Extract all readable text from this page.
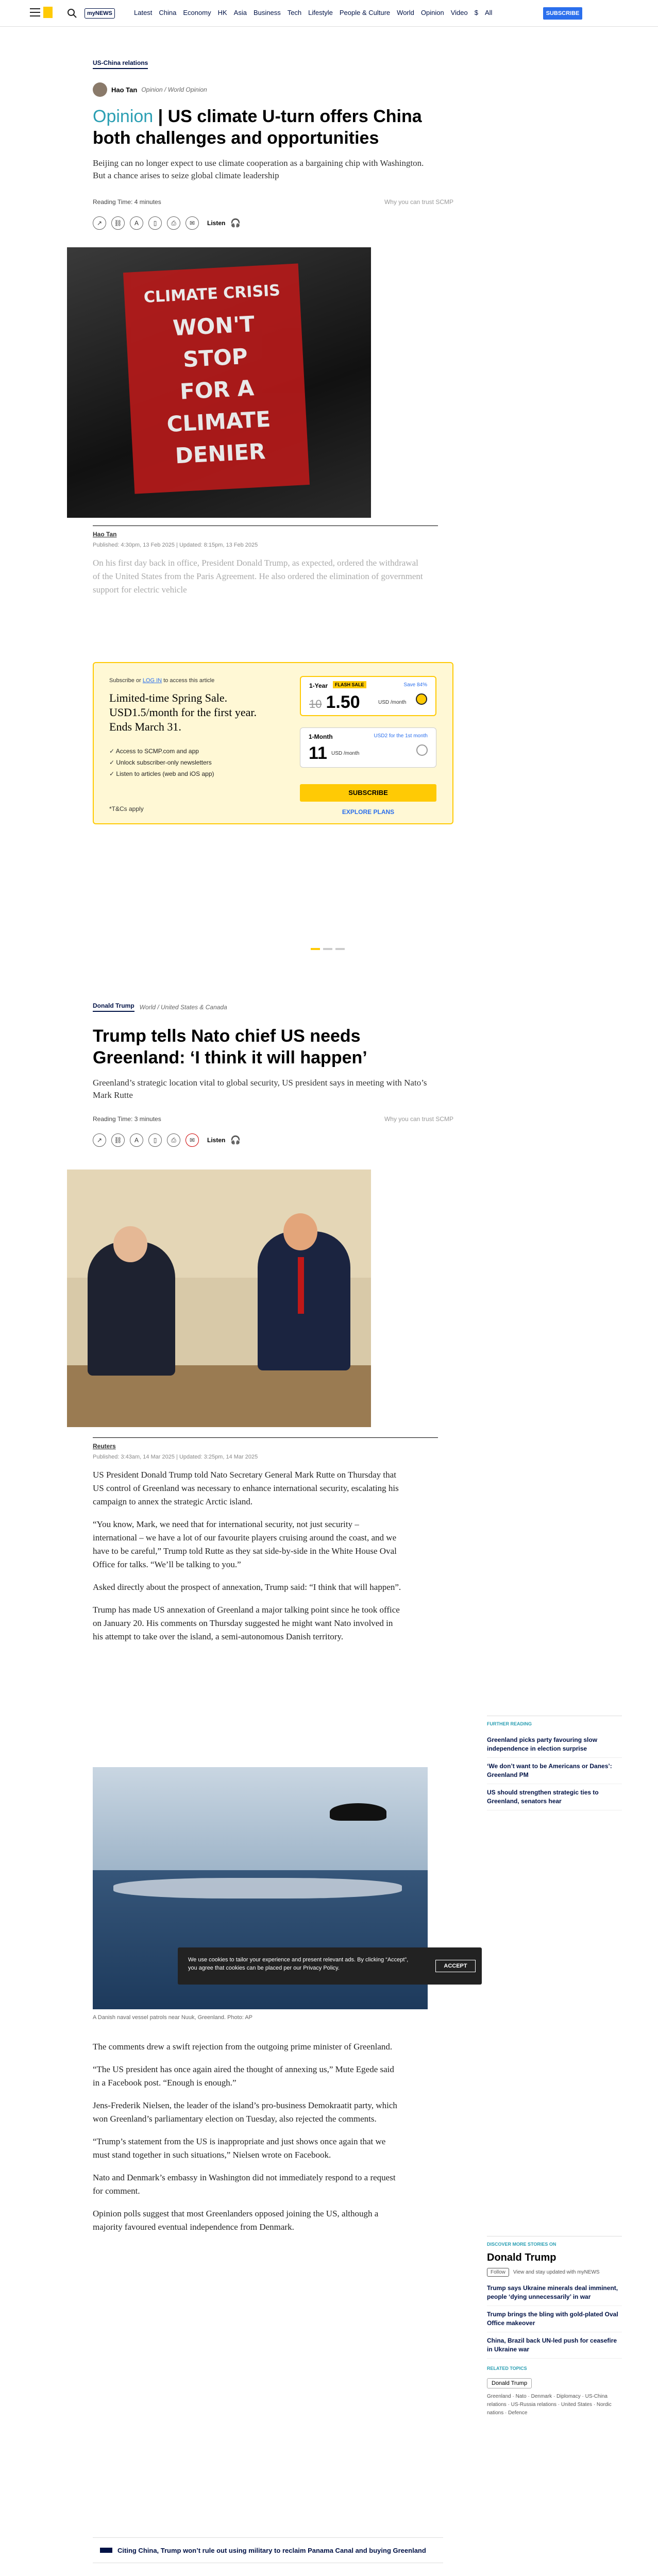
myNEWS	Latest China Economy HK Asia Business Tech Lifestyle People & Culture World Opinion Video $ All	SUBSCRIBE
US-China relations
Hao Tan Opinion / World Opinion
Opinion | US climate U-turn offers China both challenges and opportunities
Beijing can no longer expect to use climate cooperation as a bargaining chip with Washington. But a chance arises to seize global climate leadership
Reading Time: 4 minutes	Why you can trust SCMP
↗	⛓	A	▯	⎙	✉	Listen 🎧
CLIMATE CRISIS
WON'T
STOP
FOR A
CLIMATE
DENIER
Hao Tan
Published: 4:30pm, 13 Feb 2025 | Updated: 8:15pm, 13 Feb 2025
On his first day back in office, President Donald Trump, as expected, ordered the withdrawal of the United States from the Paris Agreement. He also ordered the elimination of government support for electric vehicle
Subscribe or LOG IN to access this article
Limited-time Spring Sale. USD1.5/month for the first year. Ends March 31.
✓ Access to SCMP.com and app
✓ Unlock subscriber-only newsletters
✓ Listen to articles (web and iOS app)
*T&Cs apply
1-Year	FLASH SALE	Save 84%
10 1.50	USD /month
1-Month	USD2 for the 1st month
11 USD /month
SUBSCRIBE
EXPLORE PLANS
Donald Trump World / United States & Canada
Trump tells Nato chief US needs Greenland: ‘I think it will happen’
Greenland’s strategic location vital to global security, US president says in meeting with Nato’s Mark Rutte
Reading Time: 3 minutes	Why you can trust SCMP
↗	⛓	A	▯	⎙	✉	Listen 🎧
Reuters
Published: 3:43am, 14 Mar 2025 | Updated: 3:25pm, 14 Mar 2025

US President Donald Trump told Nato Secretary General Mark Rutte on Thursday that US control of Greenland was necessary to enhance international security, escalating his campaign to annex the strategic Arctic island.

“You know, Mark, we need that for international security, not just security – international – we have a lot of our favourite players cruising around the coast, and we have to be careful,” Trump told Rutte as they sat side-by-side in the White House Oval Office for talks. “We’ll be talking to you.”

Asked directly about the prospect of annexation, Trump said: “I think that will happen”.

Trump has made US annexation of Greenland a major talking point since he took office on January 20. His comments on Thursday suggested he might want Nato involved in his attempt to take over the island, a semi-autonomous Danish territory.

A Danish naval vessel patrols near Nuuk, Greenland. Photo: AP
We use cookies to tailor your experience and present relevant ads. By clicking “Accept”, you agree that cookies can be placed per our Privacy Policy.	ACCEPT

The comments drew a swift rejection from the outgoing prime minister of Greenland.

“The US president has once again aired the thought of annexing us,” Mute Egede said in a Facebook post. “Enough is enough.”

Jens-Frederik Nielsen, the leader of the island’s pro-business Demokraatit party, which won Greenland’s parliamentary election on Tuesday, also rejected the comments.

“Trump’s statement from the US is inappropriate and just shows once again that we must stand together in such situations,” Nielsen wrote on Facebook.

Nato and Denmark’s embassy in Washington did not immediately respond to a request for comment.

Opinion polls suggest that most Greenlanders opposed joining the US, although a majority favoured eventual independence from Denmark.

Citing China, Trump won’t rule out using military to reclaim Panama Canal and buying Greenland

FURTHER READING
Greenland picks party favouring slow independence in election surprise
‘We don’t want to be Americans or Danes’: Greenland PM
US should strengthen strategic ties to Greenland, senators hear
DISCOVER MORE STORIES ON
Donald Trump
Follow	View and stay updated with myNEWS
Trump says Ukraine minerals deal imminent, people ‘dying unnecessarily’ in war
Trump brings the bling with gold-plated Oval Office makeover
China, Brazil back UN-led push for ceasefire in Ukraine war
RELATED TOPICS
Donald Trump
Greenland · Nato · Denmark · Diplomacy · US-China relations · US-Russia relations · United States · Nordic nations · Defence
